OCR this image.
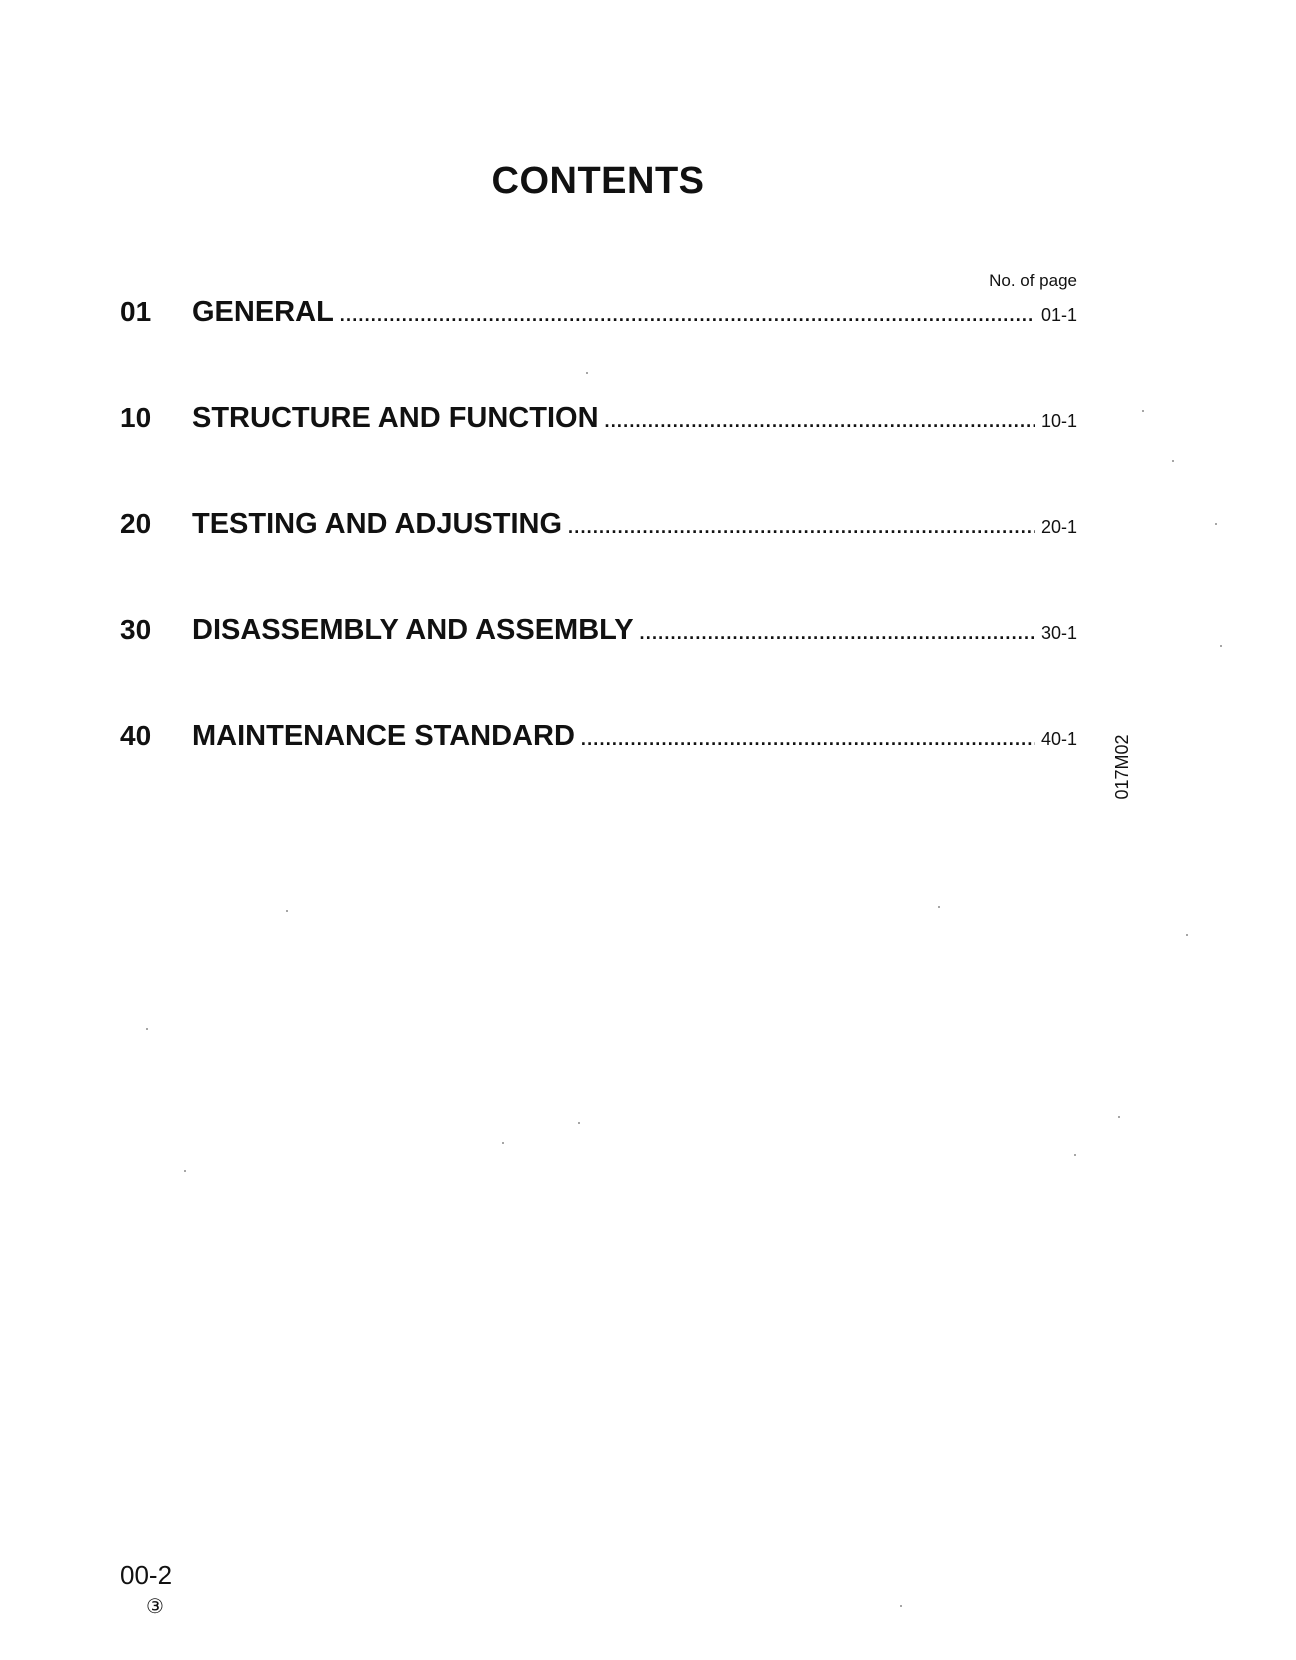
CONTENTS
No. of page
01	GENERAL .....	01-1
10	STRUCTURE AND FUNCTION .....	10-1
20	TESTING AND ADJUSTING .....	20-1
30	DISASSEMBLY AND ASSEMBLY .....	30-1
40	MAINTENANCE STANDARD .....	40-1 017M02
00-2
③
